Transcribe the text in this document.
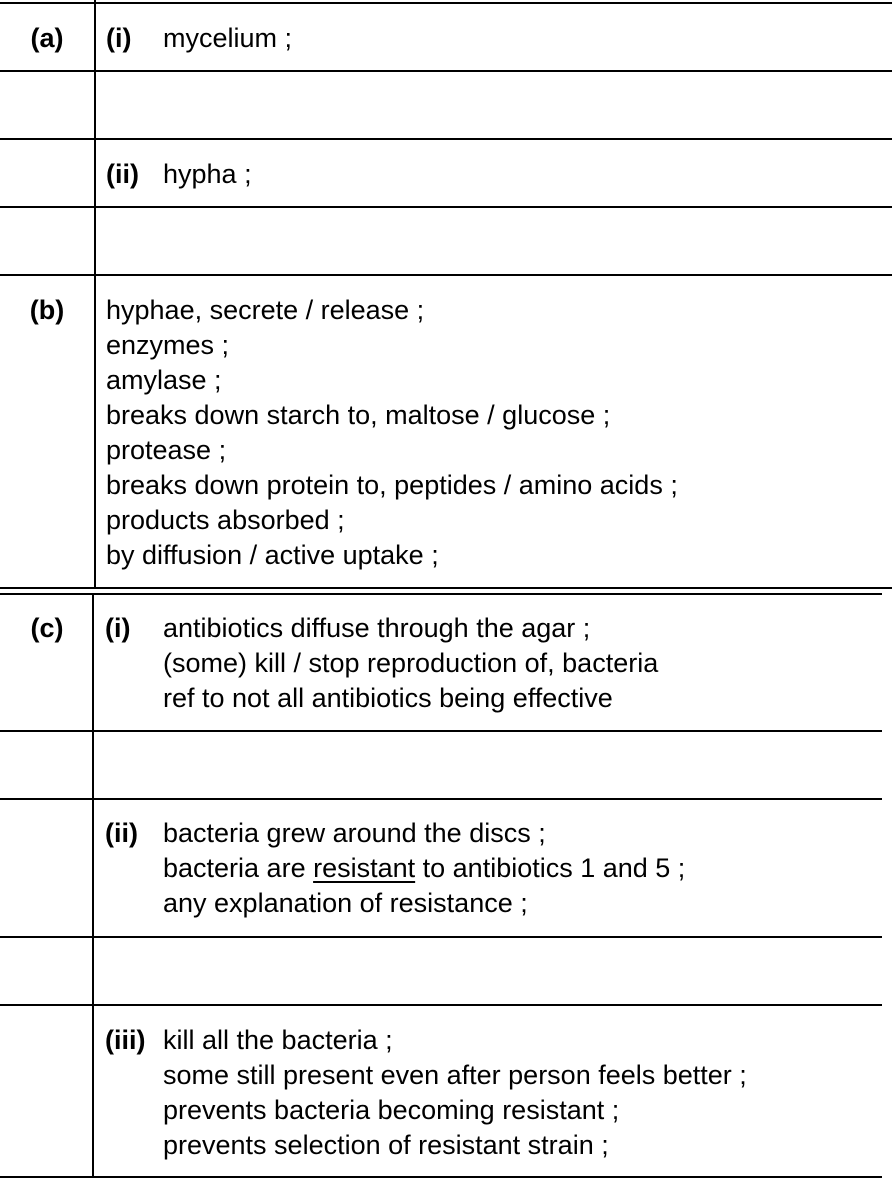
(a)	(i) mycelium ;
(ii) hypha ;
(b)	hyphae, secrete / release ;
enzymes ;
amylase ;
breaks down starch to, maltose / glucose ;
protease ;
breaks down protein to, peptides / amino acids ;
products absorbed ;
by diffusion / active uptake ;
(c)	(i) antibiotics diffuse through the agar ;
(some) kill / stop reproduction of, bacteria
ref to not all antibiotics being effective
(ii) bacteria grew around the discs ;
bacteria are resistant to antibiotics 1 and 5 ;
any explanation of resistance ;
(iii) kill all the bacteria ;
some still present even after person feels better ;
prevents bacteria becoming resistant ;
prevents selection of resistant strain ;
